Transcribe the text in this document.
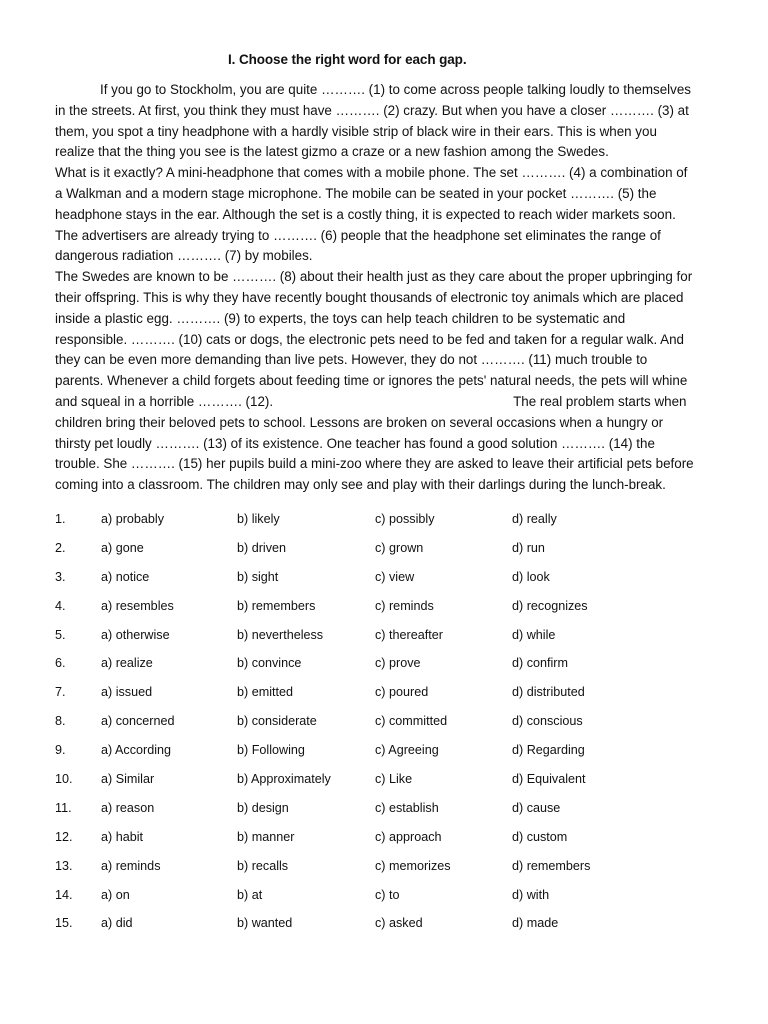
I. Choose the right word for each gap.
If you go to Stockholm, you are quite ………. (1) to come across people talking loudly to themselves
in the streets. At first, you think they must have ………. (2) crazy. But when you have a closer ………. (3) at
them, you spot a tiny headphone with a hardly visible strip of black wire in their ears. This is when you
realize that the thing you see is the latest gizmo a craze or a new fashion among the Swedes.
What is it exactly? A mini-headphone that comes with a mobile phone. The set ………. (4) a combination of
a Walkman and a modern stage microphone. The mobile can be seated in your pocket ………. (5) the
headphone stays in the ear. Although the set is a costly thing, it is expected to reach wider markets soon.
The advertisers are already trying to ………. (6) people that the headphone set eliminates the range of
dangerous radiation ………. (7) by mobiles.
The Swedes are known to be ………. (8) about their health just as they care about the proper upbringing for
their offspring. This is why they have recently bought thousands of electronic toy animals which are placed
inside a plastic egg. ………. (9) to experts, the toys can help teach children to be systematic and
responsible. ………. (10) cats or dogs, the electronic pets need to be fed and taken for a regular walk. And
they can be even more demanding than live pets. However, they do not ………. (11) much trouble to
parents. Whenever a child forgets about feeding time or ignores the pets' natural needs, the pets will whine
and squeal in a horrible ………. (12).	The real problem starts when
children bring their beloved pets to school. Lessons are broken on several occasions when a hungry or
thirsty pet loudly ………. (13) of its existence. One teacher has found a good solution ………. (14) the
trouble. She ………. (15) her pupils build a mini-zoo where they are asked to leave their artificial pets before
coming into a classroom. The children may only see and play with their darlings during the lunch-break.
1.	a) probably	b) likely	c) possibly	d) really
2.	a) gone	b) driven	c) grown	d) run
3.	a) notice	b) sight	c) view	d) look
4.	a) resembles	b) remembers	c) reminds	d) recognizes
5.	a) otherwise	b) nevertheless	c) thereafter	d) while
6.	a) realize	b) convince	c) prove	d) confirm
7.	a) issued	b) emitted	c) poured	d) distributed
8.	a) concerned	b) considerate	c) committed	d) conscious
9.	a) According	b) Following	c) Agreeing	d) Regarding
10. a) Similar	b) Approximately	c) Like	d) Equivalent
11. a) reason	b) design	c) establish	d) cause
12. a) habit	b) manner	c) approach	d) custom
13. a) reminds	b) recalls	c) memorizes	d) remembers
14. a) on	b) at	c) to	d) with
15. a) did	b) wanted	c) asked	d) made
